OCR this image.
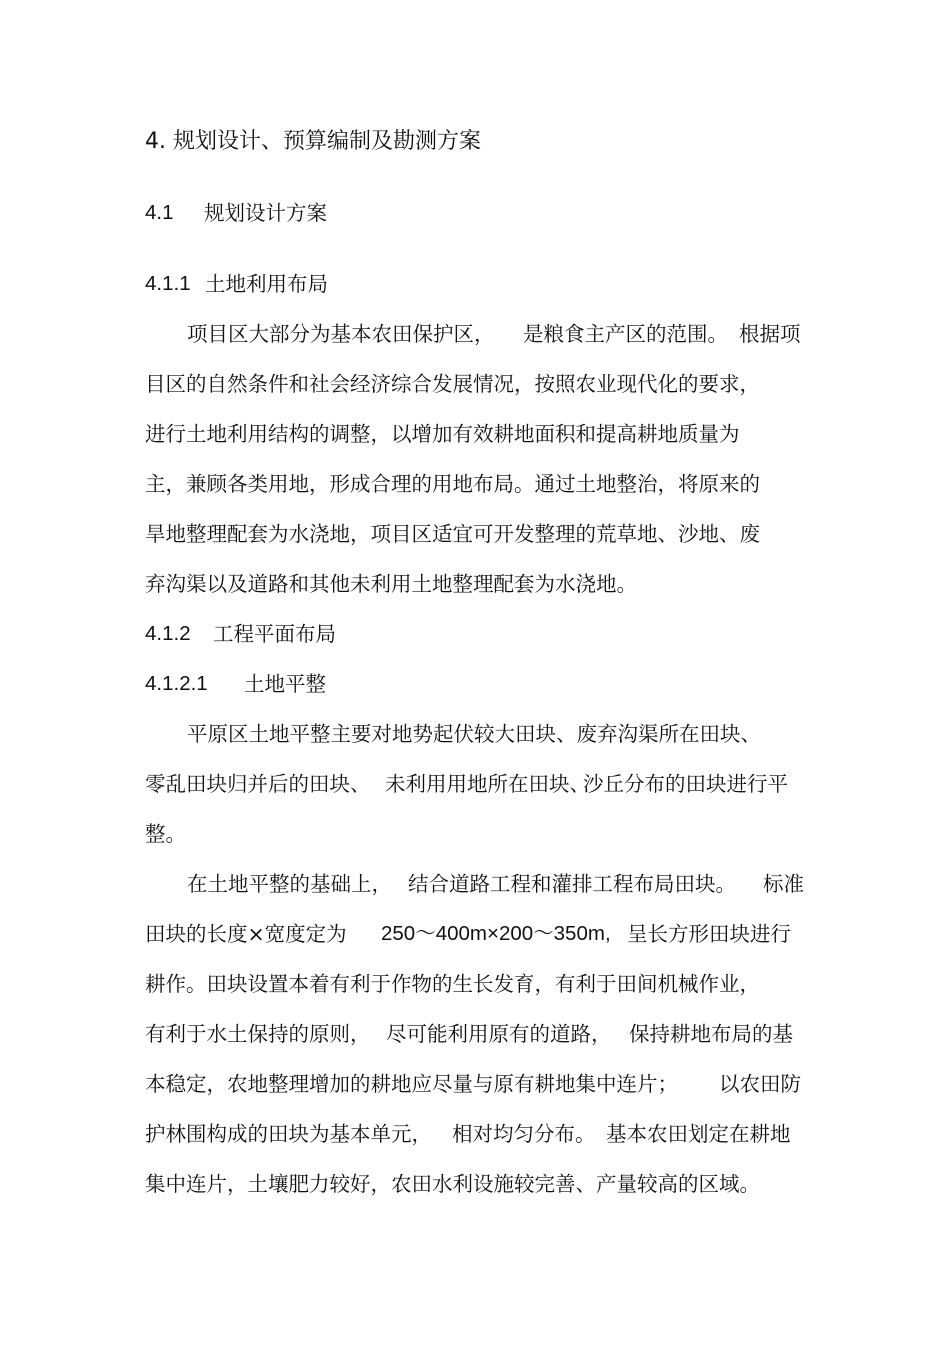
4. 规划设计、预算编制及勘测方案
4.1 规划设计方案
4.1.1 土地利用布局
项目区大部分为基本农田保护区， 是粮食主产区的范围。 根据项
目区的自然条件和社会经济综合发展情况，按照农业现代化的要求，
进行土地利用结构的调整，以增加有效耕地面积和提高耕地质量为
主，兼顾各类用地，形成合理的用地布局。通过土地整治，将原来的
旱地整理配套为水浇地，项目区适宜可开发整理的荒草地、沙地、废
弃沟渠以及道路和其他未利用土地整理配套为水浇地。
4.1.2 工程平面布局
4.1.2.1 土地平整
平原区土地平整主要对地势起伏较大田块、废弃沟渠所在田块、
零乱田块归并后的田块、 未利用用地所在田块、
沙丘分布的田块进行平
整。
在土地平整的基础上， 结合道路工程和灌排工程布局田块。 标准
田块的长度×宽度定为 250～400m×200～350m, 呈长方形田块进行
耕作。田块设置本着有利于作物的生长发育，有利于田间机械作业，
有利于水土保持的原则， 尽可能利用原有的道路， 保持耕地布局的基
本稳定，农地整理增加的耕地应尽量与原有耕地集中连片； 以农田防
护林围构成的田块为基本单元， 相对均匀分布。 基本农田划定在耕地
集中连片，土壤肥力较好，农田水利设施较完善、产量较高的区域。
